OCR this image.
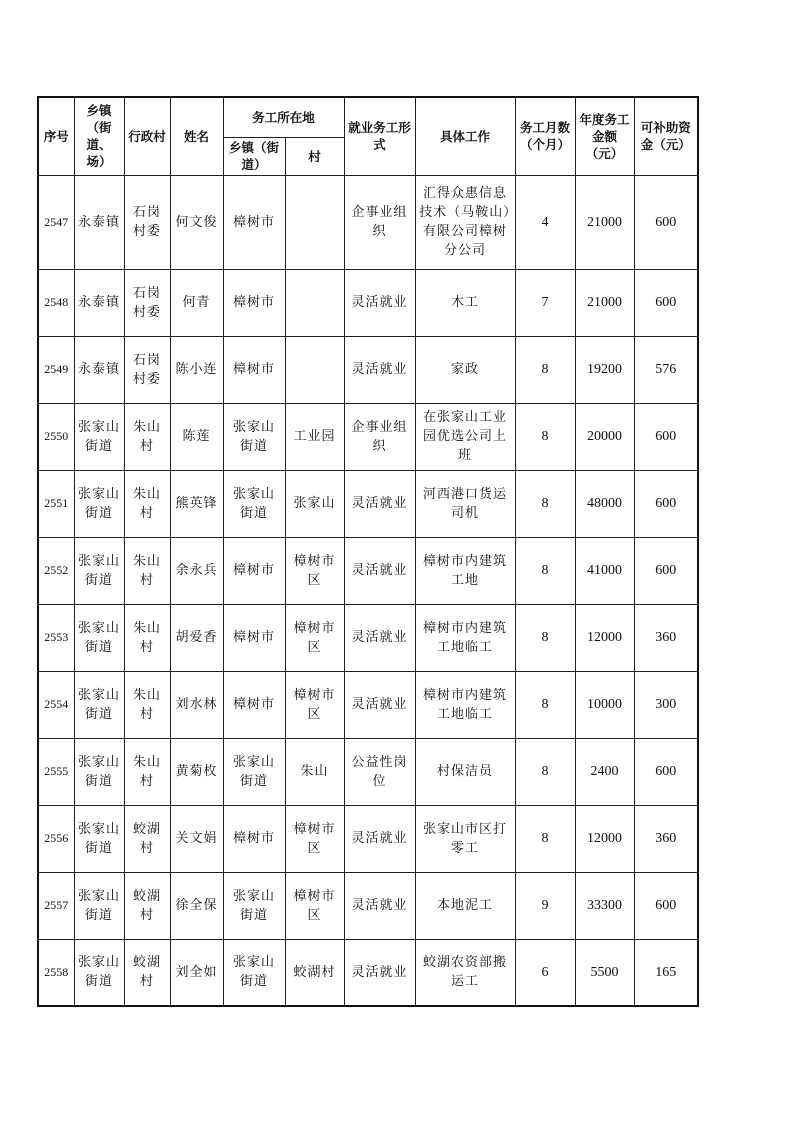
序号	乡镇（街道、场）	行政村	姓名	务工所在地		就业务工形式	具体工作	务工月数（个月）	年度务工金额（元）	可补助资金（元）
				乡镇（街道）	村					
2547	永泰镇	石岗村委	何文俊	樟树市		企事业组织	汇得众惠信息技术（马鞍山）有限公司樟树分公司	4	21000	600
2548	永泰镇	石岗村委	何青	樟树市		灵活就业	木工	7	21000	600
2549	永泰镇	石岗村委	陈小连	樟树市		灵活就业	家政	8	19200	576
2550	张家山街道	朱山村	陈莲	张家山街道	工业园	企事业组织	在张家山工业园优选公司上班	8	20000	600
2551	张家山街道	朱山村	熊英锋	张家山街道	张家山	灵活就业	河西港口货运司机	8	48000	600
2552	张家山街道	朱山村	余永兵	樟树市	樟树市区	灵活就业	樟树市内建筑工地	8	41000	600
2553	张家山街道	朱山村	胡爱香	樟树市	樟树市区	灵活就业	樟树市内建筑工地临工	8	12000	360
2554	张家山街道	朱山村	刘水林	樟树市	樟树市区	灵活就业	樟树市内建筑工地临工	8	10000	300
2555	张家山街道	朱山村	黄菊枚	张家山街道	朱山	公益性岗位	村保洁员	8	2400	600
2556	张家山街道	蛟湖村	关文娟	樟树市	樟树市区	灵活就业	张家山市区打零工	8	12000	360
2557	张家山街道	蛟湖村	徐全保	张家山街道	樟树市区	灵活就业	本地泥工	9	33300	600
2558	张家山街道	蛟湖村	刘全如	张家山街道	蛟湖村	灵活就业	蛟湖农资部搬运工	6	5500	165
